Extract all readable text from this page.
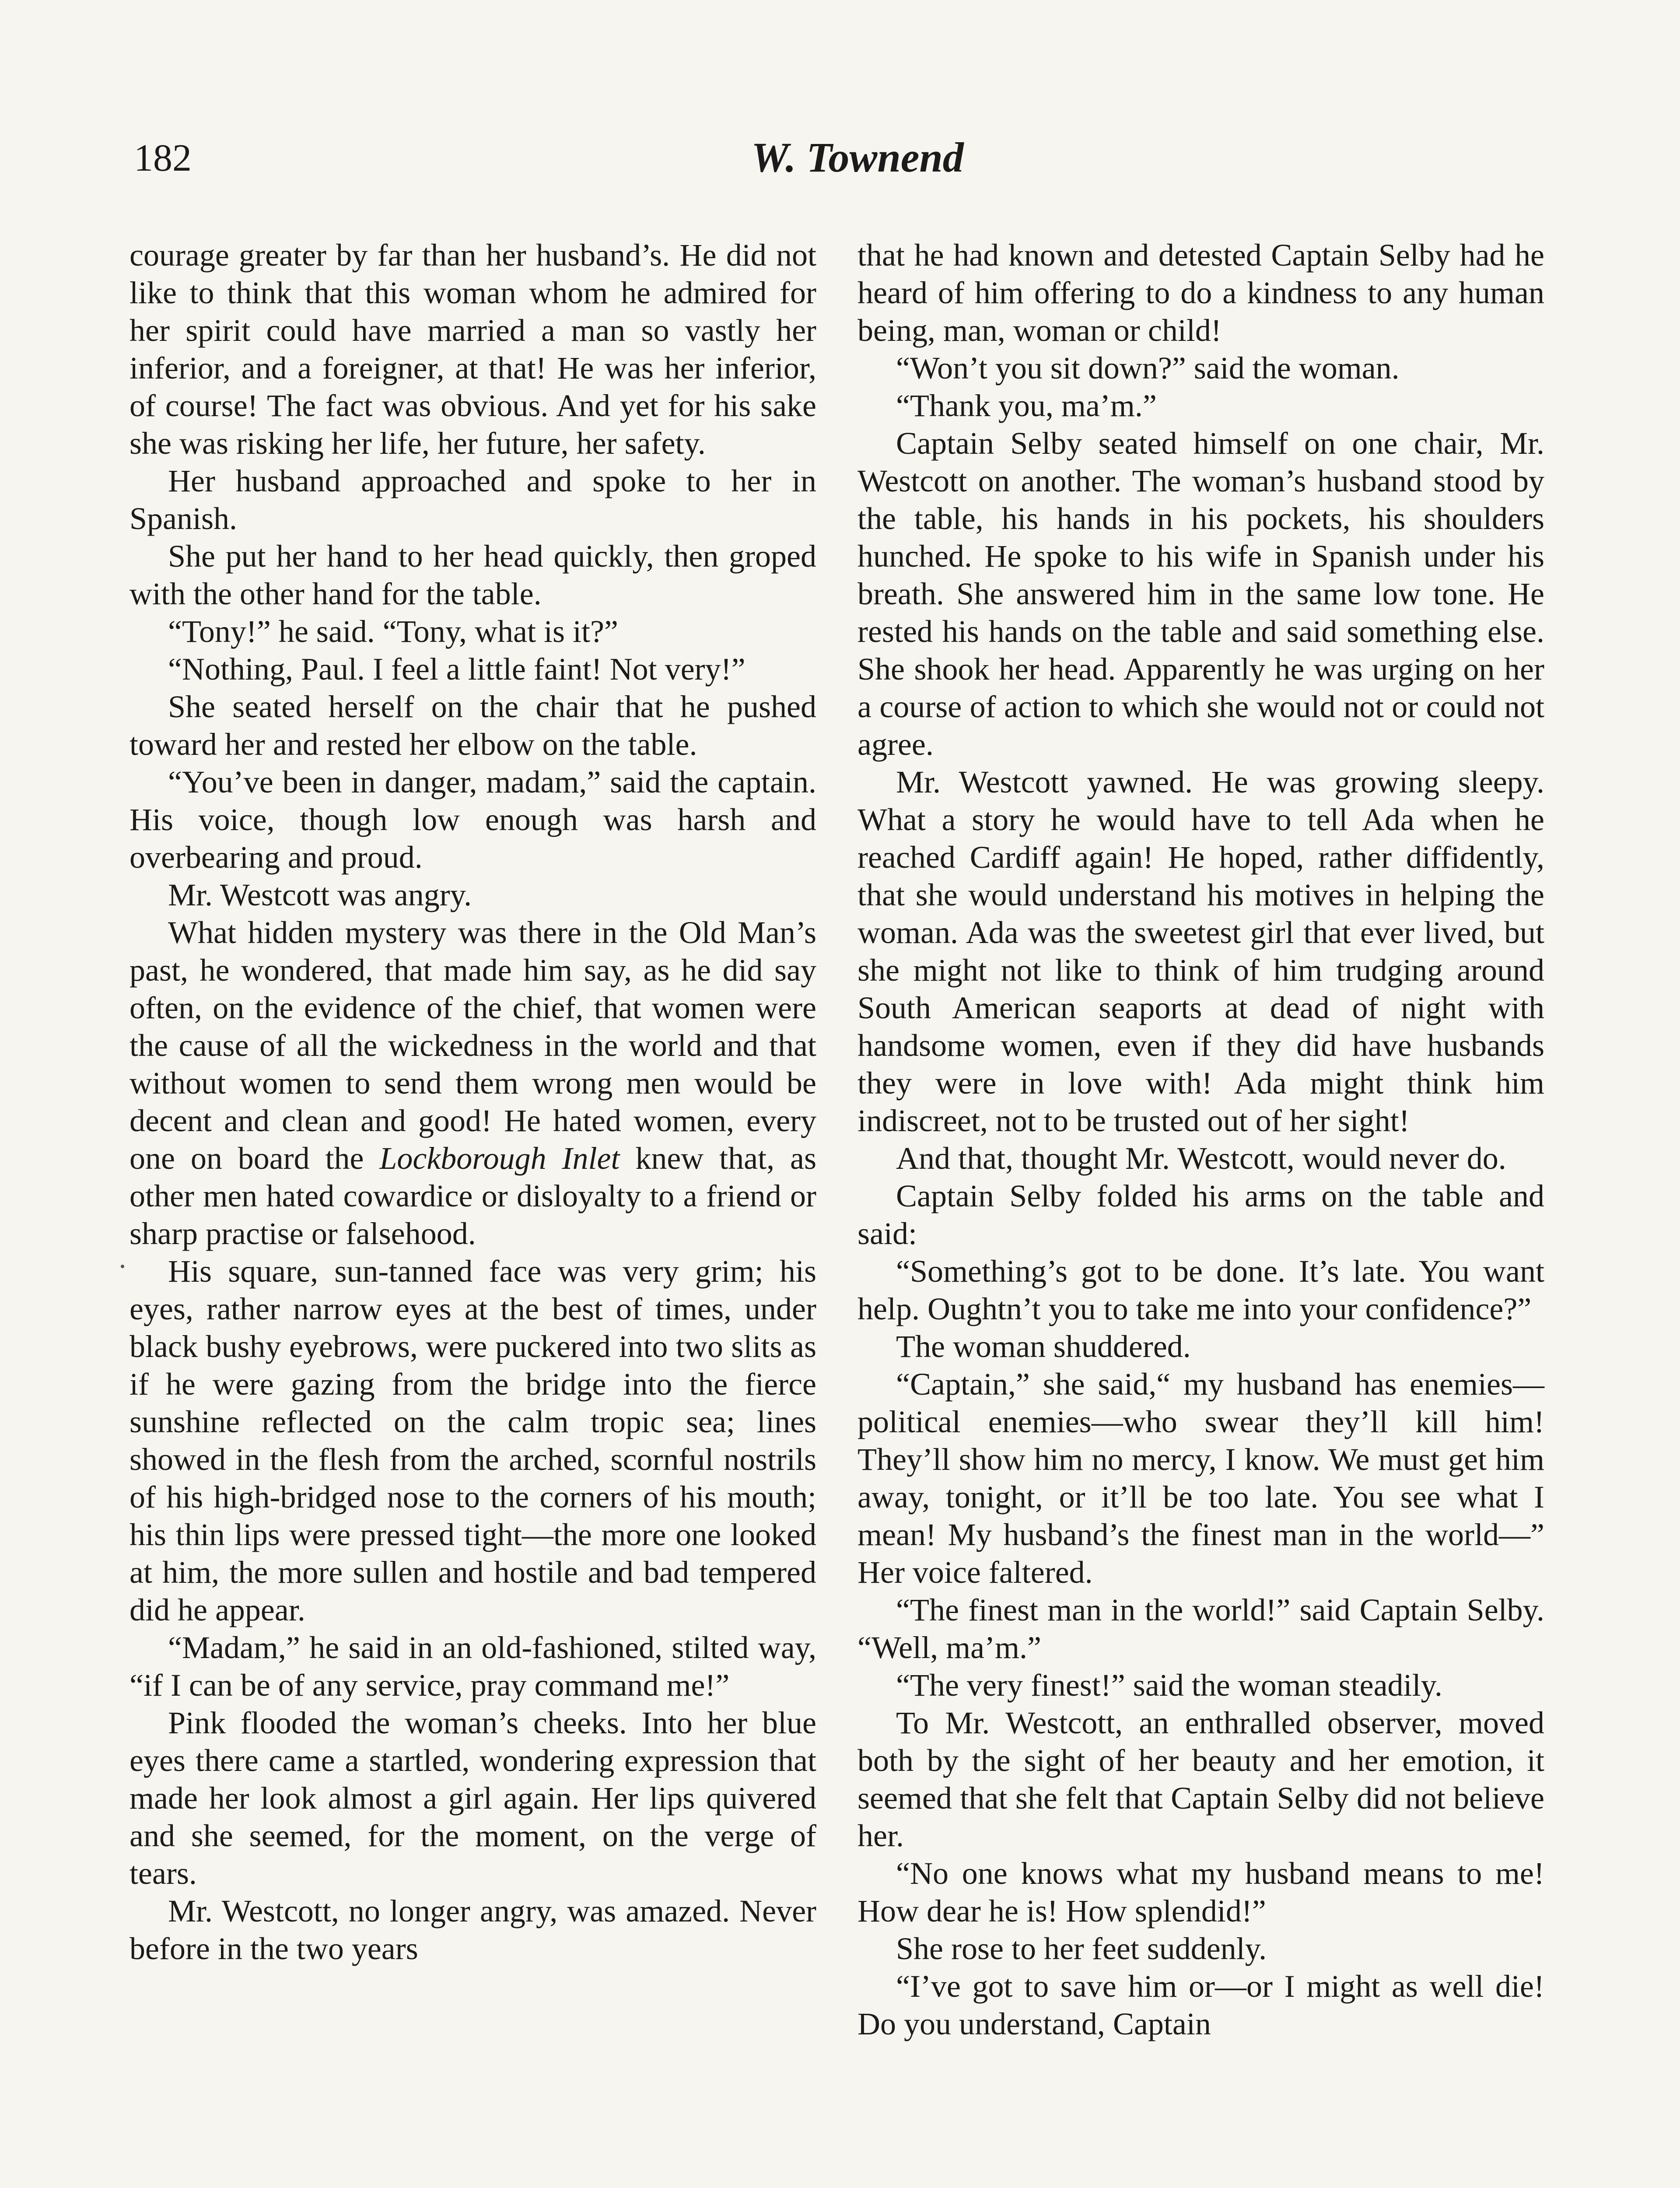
182	W. Townend

courage greater by far than her husband’s. He did not like to think that this woman whom he admired for her spirit could have married a man so vastly her inferior, and a foreigner, at that! He was her inferior, of course! The fact was obvious. And yet for his sake she was risking her life, her future, her safety.

Her husband approached and spoke to her in Spanish.

She put her hand to her head quickly, then groped with the other hand for the table.

“Tony!” he said. “Tony, what is it?”

“Nothing, Paul. I feel a little faint! Not very!”

She seated herself on the chair that he pushed toward her and rested her elbow on the table.

“You’ve been in danger, madam,” said the captain. His voice, though low enough was harsh and overbearing and proud.

Mr. Westcott was angry.

What hidden mystery was there in the Old Man’s past, he wondered, that made him say, as he did say often, on the evidence of the chief, that women were the cause of all the wickedness in the world and that without women to send them wrong men would be decent and clean and good! He hated women, every one on board the Lockborough Inlet knew that, as other men hated cowardice or disloyalty to a friend or sharp practise or falsehood.

His square, sun-tanned face was very grim; his eyes, rather narrow eyes at the best of times, under black bushy eyebrows, were puckered into two slits as if he were gazing from the bridge into the fierce sunshine reflected on the calm tropic sea; lines showed in the flesh from the arched, scornful nostrils of his high-bridged nose to the corners of his mouth; his thin lips were pressed tight—the more one looked at him, the more sullen and hostile and bad tempered did he appear.

“Madam,” he said in an old-fashioned, stilted way, “if I can be of any service, pray command me!”

Pink flooded the woman’s cheeks. Into her blue eyes there came a startled, wondering expression that made her look almost a girl again. Her lips quivered and she seemed, for the moment, on the verge of tears.

Mr. Westcott, no longer angry, was amazed. Never before in the two years

that he had known and detested Captain Selby had he heard of him offering to do a kindness to any human being, man, woman or child!

“Won’t you sit down?” said the woman.

“Thank you, ma’m.”

Captain Selby seated himself on one chair, Mr. Westcott on another. The woman’s husband stood by the table, his hands in his pockets, his shoulders hunched. He spoke to his wife in Spanish under his breath. She answered him in the same low tone. He rested his hands on the table and said something else. She shook her head. Apparently he was urging on her a course of action to which she would not or could not agree.

Mr. Westcott yawned. He was growing sleepy. What a story he would have to tell Ada when he reached Cardiff again! He hoped, rather diffidently, that she would understand his motives in helping the woman. Ada was the sweetest girl that ever lived, but she might not like to think of him trudging around South American seaports at dead of night with handsome women, even if they did have husbands they were in love with! Ada might think him indiscreet, not to be trusted out of her sight!

And that, thought Mr. Westcott, would never do.

Captain Selby folded his arms on the table and said:

“Something’s got to be done. It’s late. You want help. Oughtn’t you to take me into your confidence?”

The woman shuddered.

“Captain,” she said,“ my husband has enemies—political enemies—who swear they’ll kill him! They’ll show him no mercy, I know. We must get him away, tonight, or it’ll be too late. You see what I mean! My husband’s the finest man in the world—” Her voice faltered.

“The finest man in the world!” said Captain Selby. “Well, ma’m.”

“The very finest!” said the woman steadily.

To Mr. Westcott, an enthralled observer, moved both by the sight of her beauty and her emotion, it seemed that she felt that Captain Selby did not believe her.

“No one knows what my husband means to me! How dear he is! How splendid!”

She rose to her feet suddenly.

“I’ve got to save him or—or I might as well die! Do you understand, Captain
